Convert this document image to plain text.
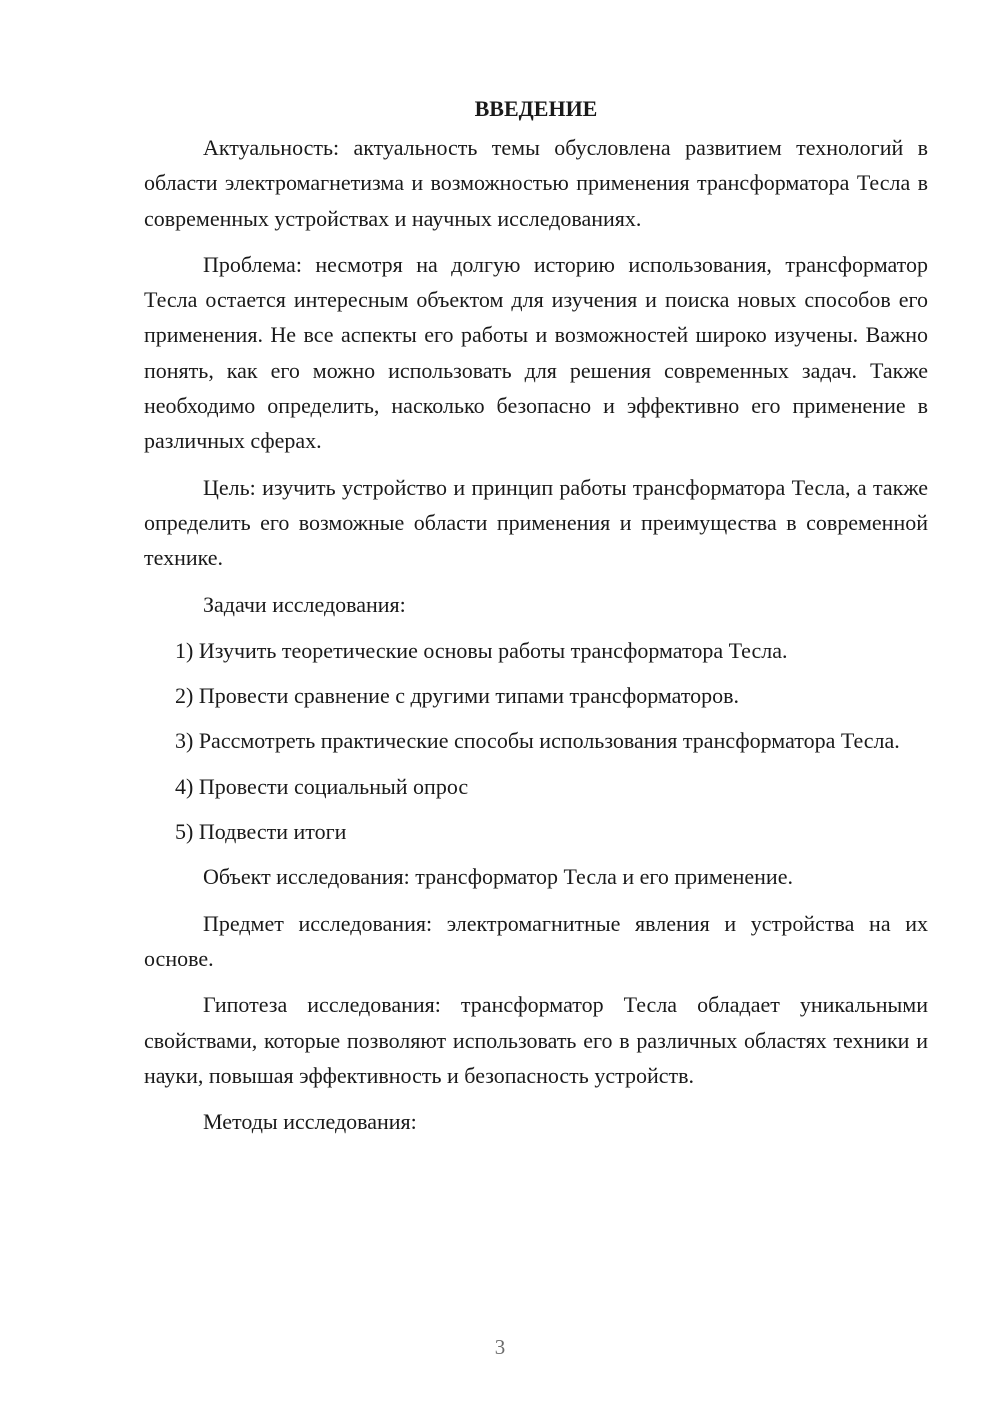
ВВЕДЕНИЕ

Актуальность: актуальность темы обусловлена развитием технологий в области электромагнетизма и возможностью применения трансформатора Тесла в современных устройствах и научных исследованиях.

Проблема: несмотря на долгую историю использования, трансформатор Тесла остается интересным объектом для изучения и поиска новых способов его применения. Не все аспекты его работы и возможностей широко изучены. Важно понять, как его можно использовать для решения современных задач. Также необходимо определить, насколько безопасно и эффективно его применение в различных сферах.

Цель: изучить устройство и принцип работы трансформатора Тесла, а также определить его возможные области применения и преимущества в современной технике.

Задачи исследования:

1) Изучить теоретические основы работы трансформатора Тесла.

2) Провести сравнение с другими типами трансформаторов.

3) Рассмотреть практические способы использования трансформатора Тесла.

4) Провести социальный опрос

5) Подвести итоги

Объект исследования: трансформатор Тесла и его применение.

Предмет исследования: электромагнитные явления и устройства на их основе.

Гипотеза исследования: трансформатор Тесла обладает уникальными свойствами, которые позволяют использовать его в различных областях техники и науки, повышая эффективность и безопасность устройств.

Методы исследования:

3
